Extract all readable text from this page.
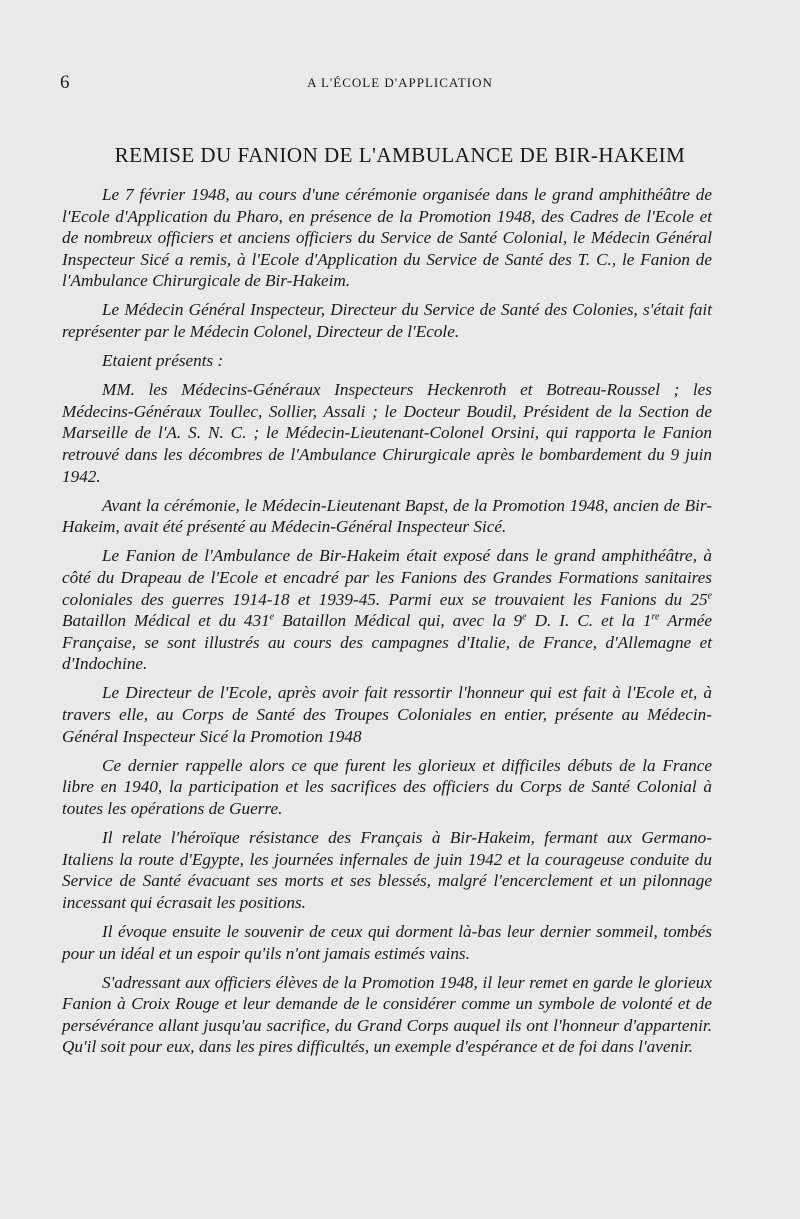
6	A L'ÉCOLE D'APPLICATION
REMISE DU FANION DE L'AMBULANCE DE BIR-HAKEIM

Le 7 février 1948, au cours d'une cérémonie organisée dans le grand amphithéâtre de l'Ecole d'Application du Pharo, en présence de la Promotion 1948, des Cadres de l'Ecole et de nombreux officiers et anciens officiers du Service de Santé Colonial, le Médecin Général Inspecteur Sicé a remis, à l'Ecole d'Application du Service de Santé des T. C., le Fanion de l'Ambulance Chirurgicale de Bir-Hakeim.

Le Médecin Général Inspecteur, Directeur du Service de Santé des Colonies, s'était fait représenter par le Médecin Colonel, Directeur de l'Ecole.

Etaient présents :

MM. les Médecins-Généraux Inspecteurs Heckenroth et Botreau-Roussel ; les Médecins-Généraux Toullec, Sollier, Assali ; le Docteur Boudil, Président de la Section de Marseille de l'A. S. N. C. ; le Médecin-Lieutenant-Colonel Orsini, qui rapporta le Fanion retrouvé dans les décombres de l'Ambulance Chirurgicale après le bombardement du 9 juin 1942.

Avant la cérémonie, le Médecin-Lieutenant Bapst, de la Promotion 1948, ancien de Bir-Hakeim, avait été présenté au Médecin-Général Inspecteur Sicé.

Le Fanion de l'Ambulance de Bir-Hakeim était exposé dans le grand amphithéâtre, à côté du Drapeau de l'Ecole et encadré par les Fanions des Grandes Formations sanitaires coloniales des guerres 1914-18 et 1939-45. Parmi eux se trouvaient les Fanions du 25e Bataillon Médical et du 431e Bataillon Médical qui, avec la 9e D. I. C. et la 1re Armée Française, se sont illustrés au cours des campagnes d'Italie, de France, d'Allemagne et d'Indochine.

Le Directeur de l'Ecole, après avoir fait ressortir l'honneur qui est fait à l'Ecole et, à travers elle, au Corps de Santé des Troupes Coloniales en entier, présente au Médecin-Général Inspecteur Sicé la Promotion 1948

Ce dernier rappelle alors ce que furent les glorieux et difficiles débuts de la France libre en 1940, la participation et les sacrifices des officiers du Corps de Santé Colonial à toutes les opérations de Guerre.

Il relate l'héroïque résistance des Français à Bir-Hakeim, fermant aux Germano-Italiens la route d'Egypte, les journées infernales de juin 1942 et la courageuse conduite du Service de Santé évacuant ses morts et ses blessés, malgré l'encerclement et un pilonnage incessant qui écrasait les positions.

Il évoque ensuite le souvenir de ceux qui dorment là-bas leur dernier sommeil, tombés pour un idéal et un espoir qu'ils n'ont jamais estimés vains.

S'adressant aux officiers élèves de la Promotion 1948, il leur remet en garde le glorieux Fanion à Croix Rouge et leur demande de le considérer comme un symbole de volonté et de persévérance allant jusqu'au sacrifice, du Grand Corps auquel ils ont l'honneur d'appartenir. Qu'il soit pour eux, dans les pires difficultés, un exemple d'espérance et de foi dans l'avenir.
